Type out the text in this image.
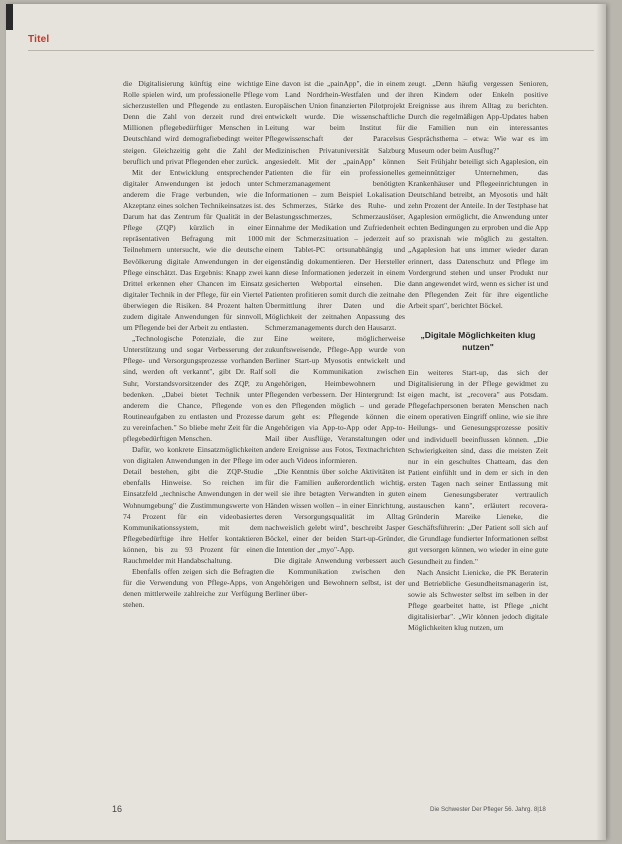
Titel

die Digitalisierung künftig eine wichtige Rolle spielen wird, um professionelle Pflege sicherzustellen und Pflegende zu entlasten. Denn die Zahl von derzeit rund drei Millionen pflegebedürftiger Menschen in Deutschland wird demografiebedingt weiter steigen. Gleichzeitig geht die Zahl der beruflich und privat Pflegenden eher zurück.

Mit der Entwicklung entsprechender digitaler Anwendungen ist jedoch unter anderem die Frage verbunden, wie die Akzeptanz eines solchen Technikeinsatzes ist. Darum hat das Zentrum für Qualität in der Pflege (ZQP) kürzlich in einer repräsentativen Befragung mit 1000 Teilnehmern untersucht, wie die deutsche Bevölkerung digitale Anwendungen in der Pflege einschätzt. Das Ergebnis: Knapp zwei Drittel erkennen eher Chancen im Einsatz digitaler Technik in der Pflege, für ein Viertel überwiegen die Risiken. 84 Prozent halten zudem digitale Anwendungen für sinnvoll, um Pflegende bei der Arbeit zu entlasten.

„Technologische Potenziale, die zur Unterstützung und sogar Verbesserung der Pflege- und Versorgungsprozesse vorhanden sind, werden oft verkannt", gibt Dr. Ralf Suhr, Vorstandsvorsitzender des ZQP, zu bedenken. „Dabei bietet Technik unter anderem die Chance, Pflegende von Routineaufgaben zu entlasten und Prozesse zu vereinfachen." So bliebe mehr Zeit für die pflegebedürftigen Menschen.

Dafür, wo konkrete Einsatzmöglichkeiten von digitalen Anwendungen in der Pflege im Detail bestehen, gibt die ZQP-Studie ebenfalls Hinweise. So reichen im Einsatzfeld „technische Anwendungen in der Wohnumgebung" die Zustimmungswerte von 74 Prozent für ein videobasiertes Kommunikationssystem, mit dem Pflegebedürftige ihre Helfer kontaktieren können, bis zu 93 Prozent für einen Rauchmelder mit Handabschaltung.

Ebenfalls offen zeigen sich die Befragten für die Verwendung von Pflege-Apps, von denen mittlerweile zahlreiche zur Verfügung stehen.

Eine davon ist die „painApp", die in einem vom Land Nordrhein-Westfalen und der Europäischen Union finanzierten Pilotprojekt entwickelt wurde. Die wissenschaftliche Leitung war beim Institut für Pflegewissenschaft der Paracelsus Medizinischen Privatuniversität Salzburg angesiedelt. Mit der „painApp" können Patienten die für ein professionelles Schmerzmanagement benötigten Informationen – zum Beispiel Lokalisation des Schmerzes, Stärke des Ruhe- und Belastungsschmerzes, Schmerzauslöser, Einnahme der Medikation und Zufriedenheit mit der Schmerzsituation – jederzeit auf einem Tablet-PC ortsunabhängig und eigenständig dokumentieren. Der Hersteller kann diese Informationen jederzeit in einem gesicherten Webportal einsehen. Die Patienten profitieren somit durch die zeitnahe Übermittlung ihrer Daten und die Möglichkeit der zeitnahen Anpassung des Schmerzmanagements durch den Hausarzt.

Eine weitere, möglicherweise zukunftsweisende, Pflege-App wurde von Berliner Start-up Myosotis entwickelt und soll die Kommunikation zwischen Angehörigen, Heimbewohnern und Pflegenden verbessern. Der Hintergrund: Ist es den Pflegenden möglich – und gerade darum geht es: Pflegende können die Angehörigen via App-to-App oder App-to-Mail über Ausflüge, Veranstaltungen oder andere Ereignisse aus Fotos, Textnachrichten oder auch Videos informieren.

„Die Kenntnis über solche Aktivitäten ist für die Familien außerordentlich wichtig, weil sie ihre betagten Verwandten in guten Händen wissen wollen – in einer Einrichtung, deren Versorgungsqualität im Alltag nachweislich gelebt wird", beschreibt Jasper Böckel, einer der beiden Start-up-Gründer, die Intention der „myo"-App.

Die digitale Anwendung verbessert auch die Kommunikation zwischen den Angehörigen und Bewohnern selbst, ist der Berliner über-

zeugt. „Denn häufig vergessen Senioren, ihren Kindern oder Enkeln positive Ereignisse aus ihrem Alltag zu berichten. Durch die regelmäßigen App-Updates haben die Familien nun ein interessantes Gesprächsthema – etwa: Wie war es im Museum oder beim Ausflug?"

Seit Frühjahr beteiligt sich Agaplesion, ein gemeinnütziger Unternehmen, das Krankenhäuser und Pflegeeinrichtungen in Deutschland betreibt, an Myosotis und hält zehn Prozent der Anteile. In der Testphase hat Agaplesion ermöglicht, die Anwendung unter echten Bedingungen zu erproben und die App so praxisnah wie möglich zu gestalten. „Agaplesion hat uns immer wieder daran erinnert, dass Datenschutz und Pflege im Vordergrund stehen und unser Produkt nur dann angewendet wird, wenn es sicher ist und den Pflegenden Zeit für ihre eigentliche Arbeit spart", berichtet Böckel.

„Digitale Möglichkeiten klug nutzen"

Ein weiteres Start-up, das sich der Digitalisierung in der Pflege gewidmet zu eigen macht, ist „recovera" aus Potsdam. Pflegefachpersonen beraten Menschen nach einem operativen Eingriff online, wie sie ihre Heilungs- und Genesungsprozesse positiv und individuell beeinflussen können. „Die Schwierigkeiten sind, dass die meisten Zeit nur in ein geschultes Chatteam, das den Patient einfühlt und in dem er sich in den ersten Tagen nach seiner Entlassung mit einem Genesungsberater vertraulich austauschen kann", erläutert recovera-Gründerin Mareike Lieneke, die Geschäftsführerin: „Der Patient soll sich auf die Grundlage fundierter Informationen selbst gut versorgen können, wo wieder in eine gute Gesundheit zu finden."

Nach Ansicht Lienicke, die PK Beraterin und Betriebliche Gesundheitsmanagerin ist, sowie als Schwester selbst im selben in der Pflege gearbeitet hatte, ist Pflege „nicht digitalisierbar". „Wir können jedoch digitale Möglichkeiten klug nutzen, um

16	Die Schwester Der Pfleger 56. Jahrg. 8|18
